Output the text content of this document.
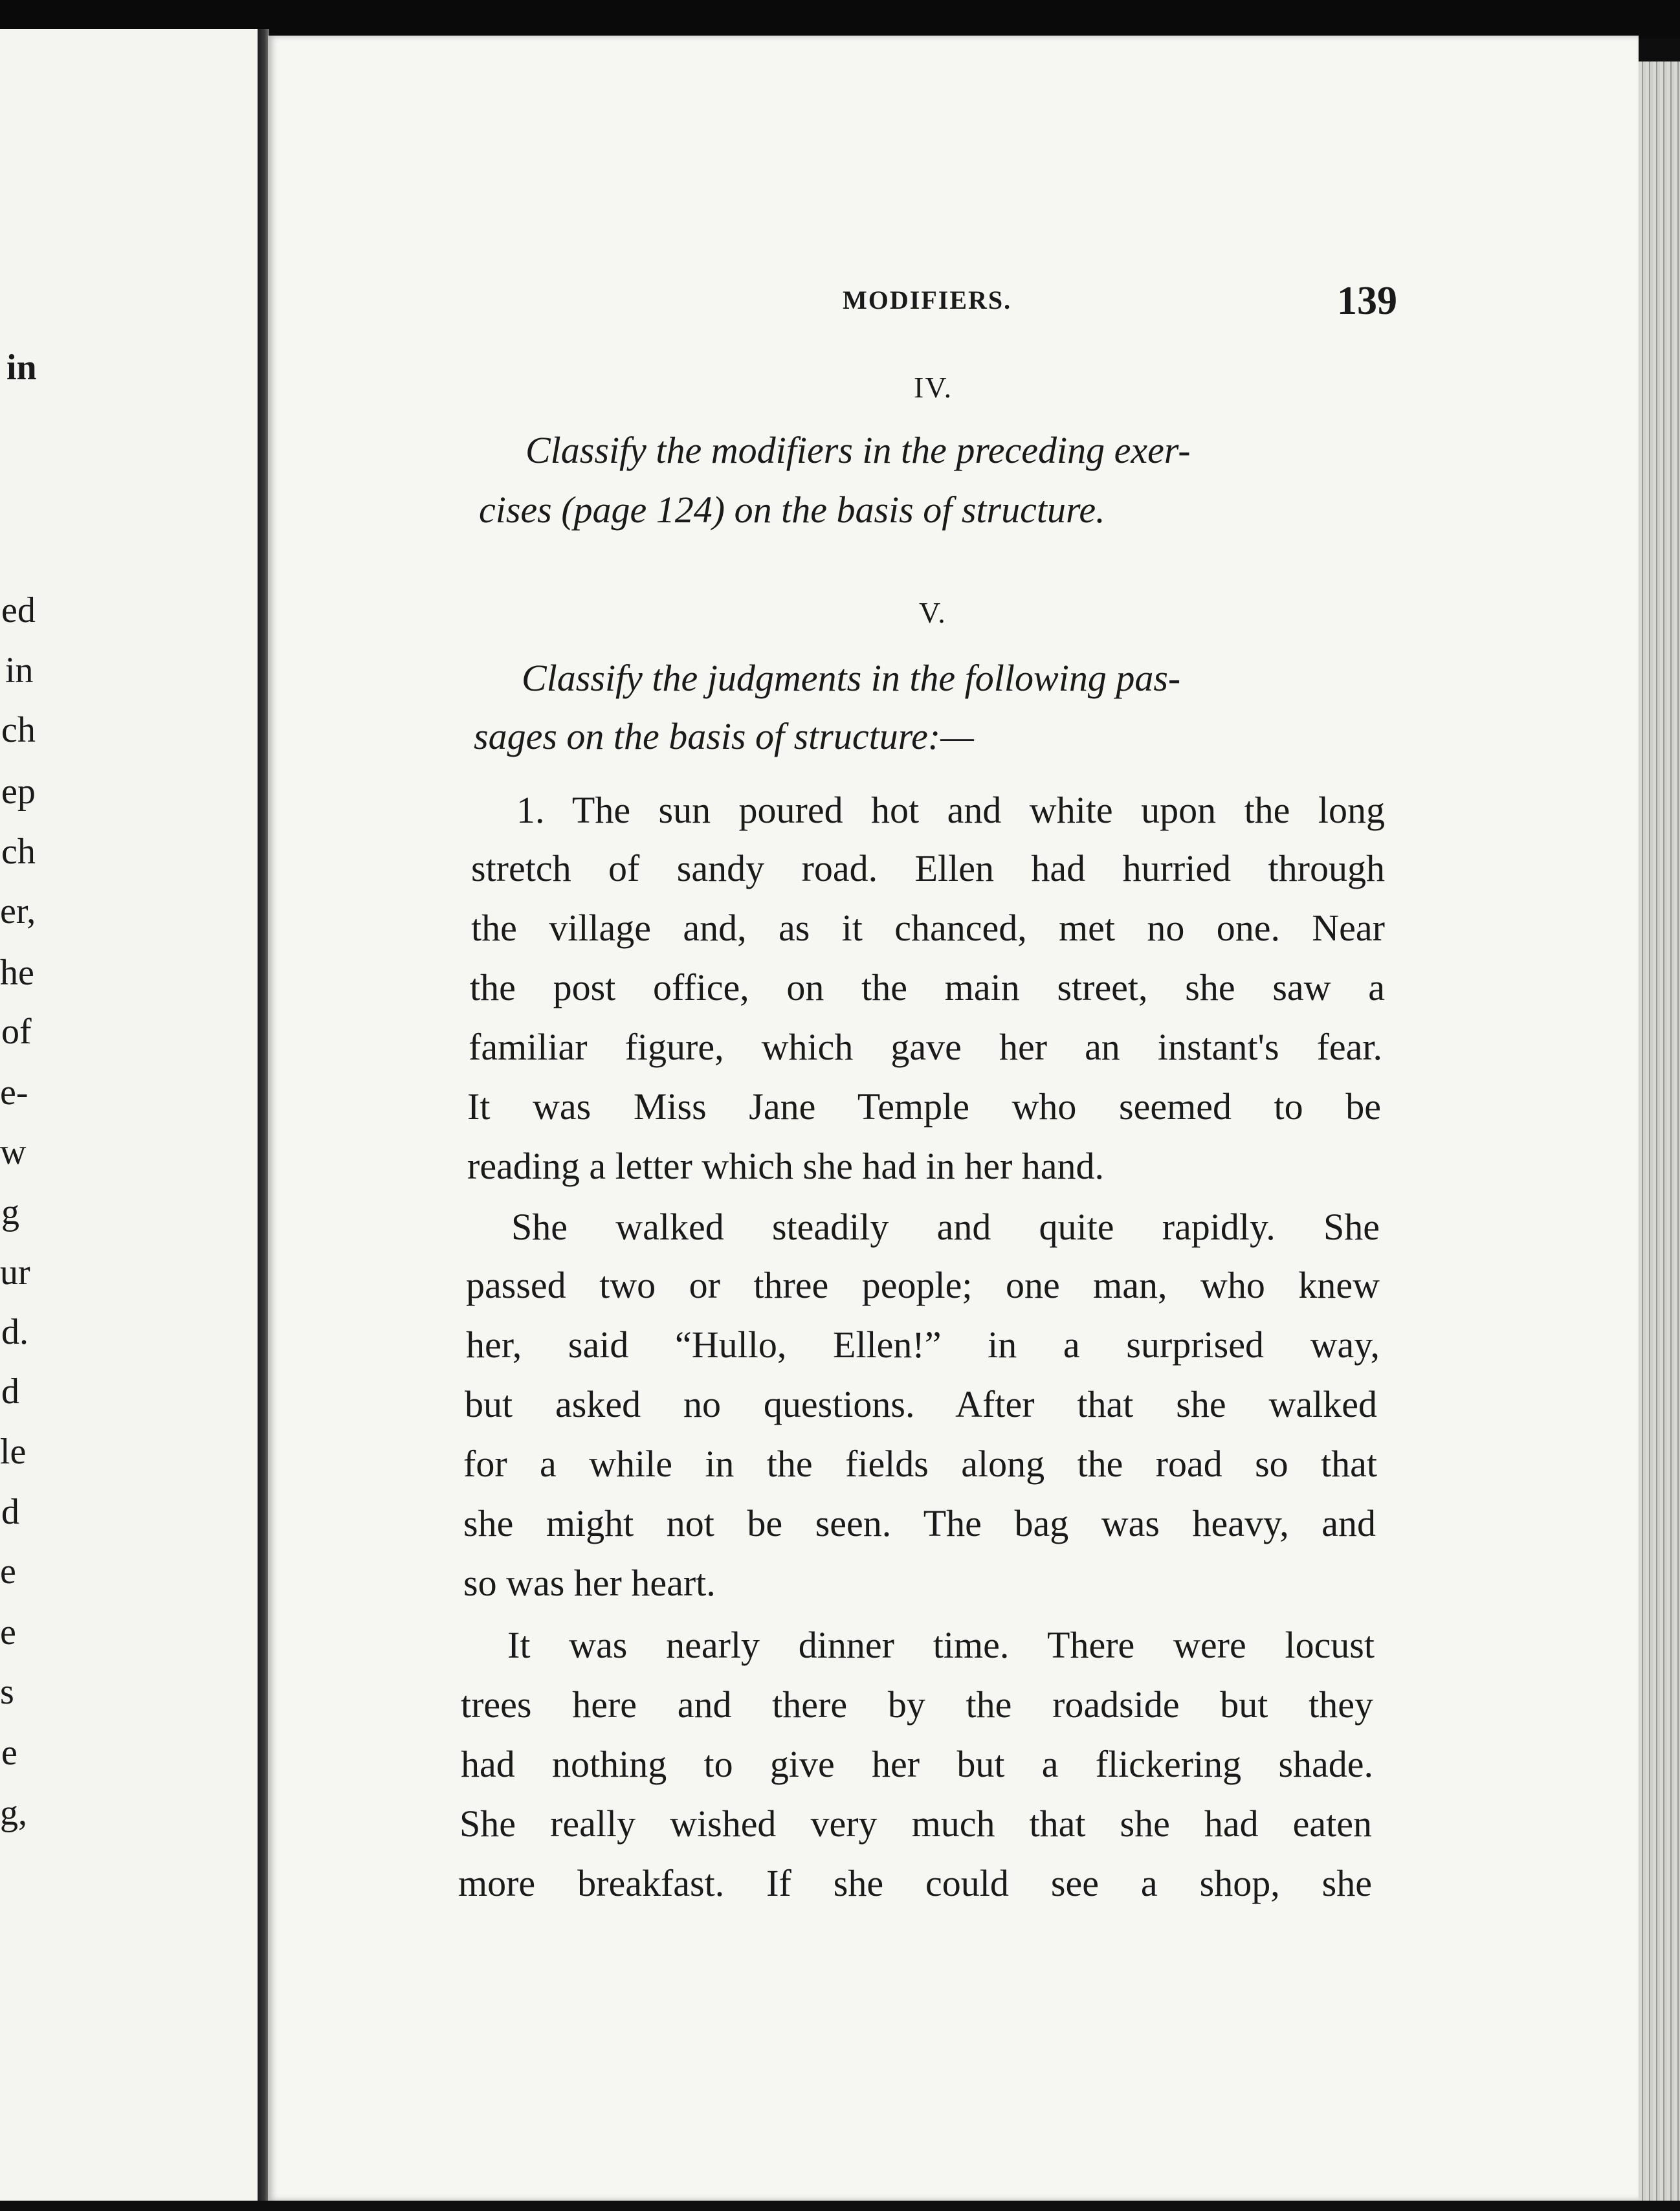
in
ed
in
ch
ep
ch
er,
he
of
e-
w
g
ur
d.
d
le
d
e
e
s
e
g,
MODIFIERS.	139
IV.
Classify the modifiers in the preceding exer-
cises (page 124) on the basis of structure.
V.
Classify the judgments in the following pas-
sages on the basis of structure:—
1. The sun poured hot and white upon the long
stretch of sandy road. Ellen had hurried through
the village and, as it chanced, met no one. Near
the post office, on the main street, she saw a
familiar figure, which gave her an instant's fear.
It was Miss Jane Temple who seemed to be
reading a letter which she had in her hand.
She walked steadily and quite rapidly. She
passed two or three people; one man, who knew
her, said “Hullo, Ellen!” in a surprised way,
but asked no questions. After that she walked
for a while in the fields along the road so that
she might not be seen. The bag was heavy, and
so was her heart.
It was nearly dinner time. There were locust
trees here and there by the roadside but they
had nothing to give her but a flickering shade.
She really wished very much that she had eaten
more breakfast. If she could see a shop, she
